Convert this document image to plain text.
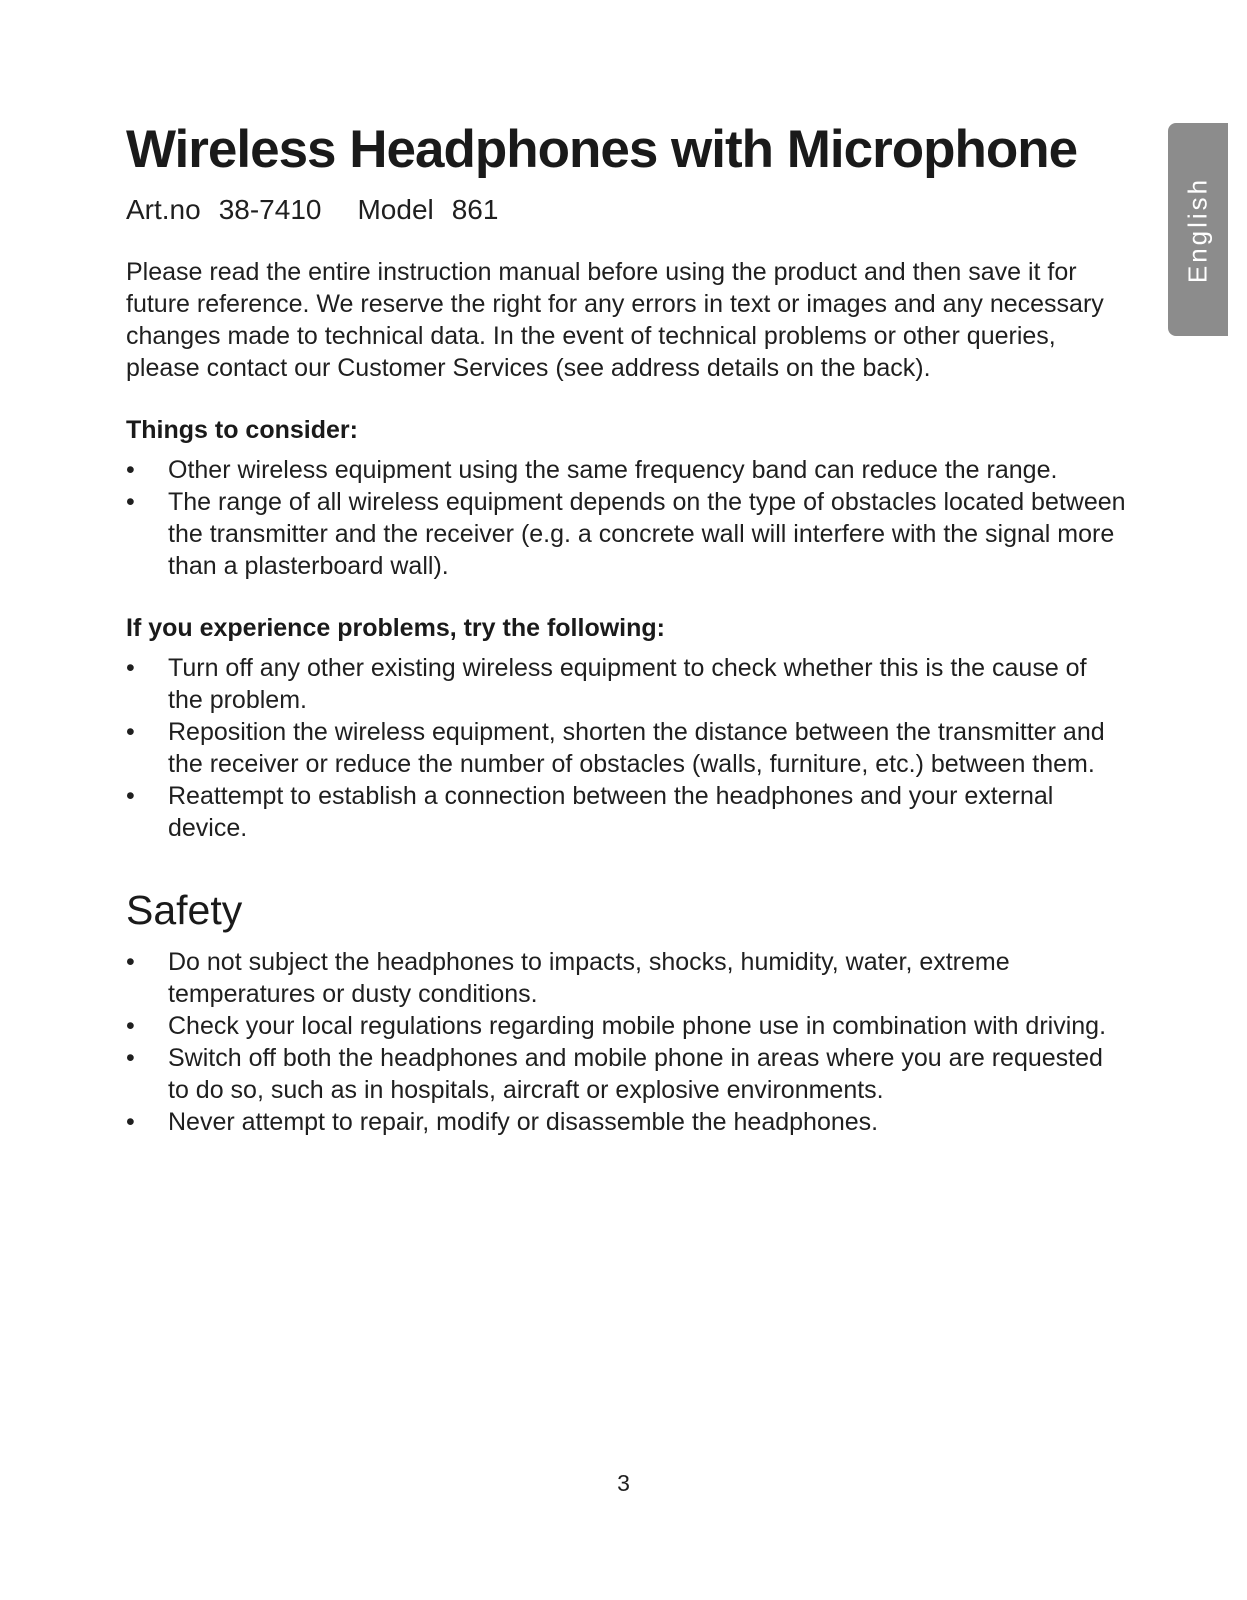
English
Wireless Headphones with Microphone
Art.no 38-7410 Model 861
Please read the entire instruction manual before using the product and then save it for future reference. We reserve the right for any errors in text or images and any necessary changes made to technical data. In the event of technical problems or other queries, please contact our Customer Services (see address details on the back).
Things to consider:
• Other wireless equipment using the same frequency band can reduce the range.
• The range of all wireless equipment depends on the type of obstacles located between the transmitter and the receiver (e.g. a concrete wall will interfere with the signal more than a plasterboard wall).
If you experience problems, try the following:
• Turn off any other existing wireless equipment to check whether this is the cause of the problem.
• Reposition the wireless equipment, shorten the distance between the transmitter and the receiver or reduce the number of obstacles (walls, furniture, etc.) between them.
• Reattempt to establish a connection between the headphones and your external device.
Safety
• Do not subject the headphones to impacts, shocks, humidity, water, extreme temperatures or dusty conditions.
• Check your local regulations regarding mobile phone use in combination with driving.
• Switch off both the headphones and mobile phone in areas where you are requested to do so, such as in hospitals, aircraft or explosive environments.
• Never attempt to repair, modify or disassemble the headphones.
3
